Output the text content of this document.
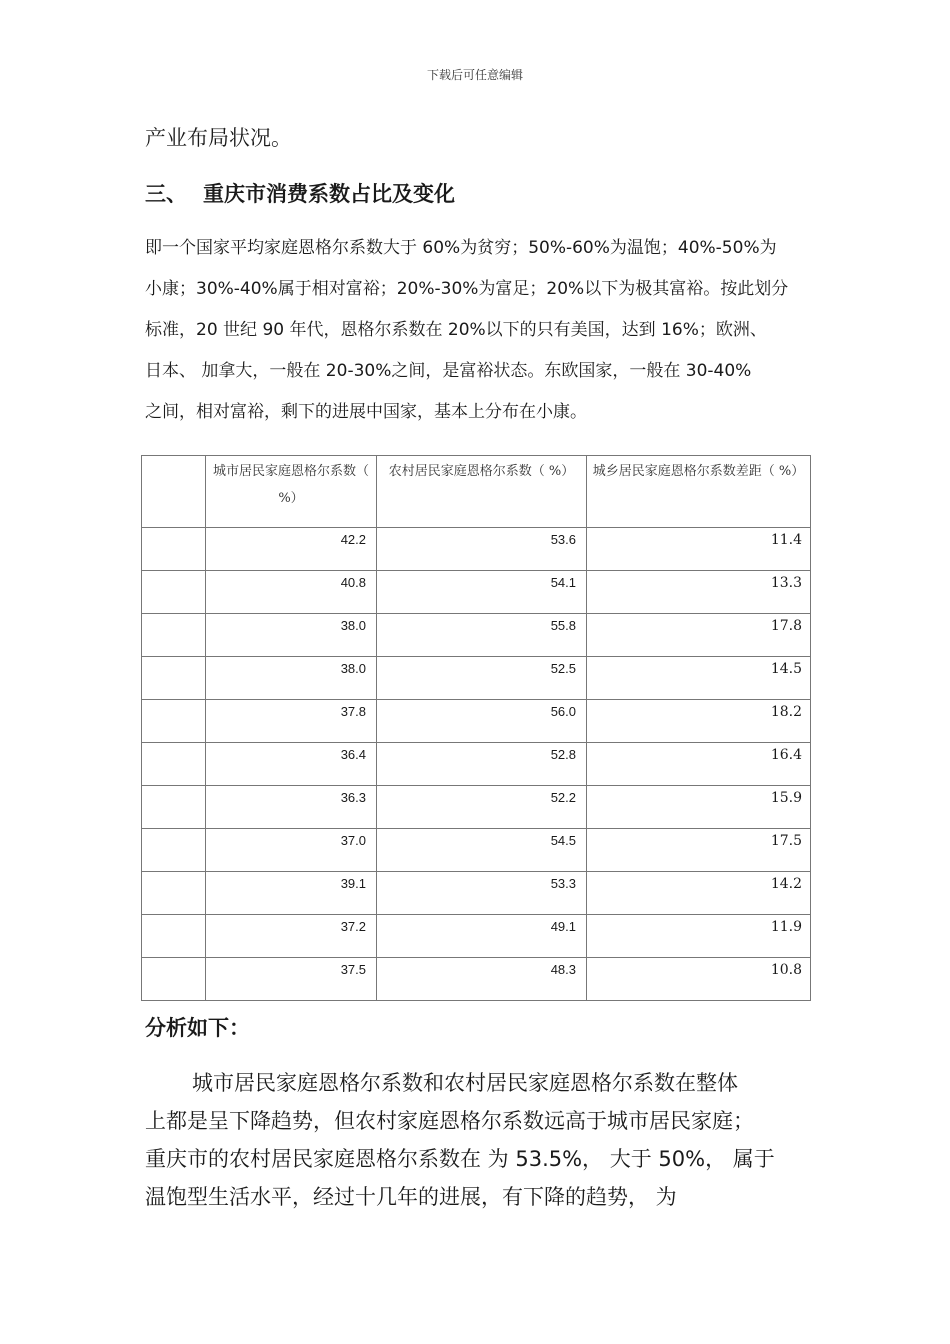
下载后可任意编辑
产业布局状况。
三、 重庆市消费系数占比及变化
即一个国家平均家庭恩格尔系数大于 60%为贫穷；50%-60%为温饱；40%-50%为
小康；30%-40%属于相对富裕；20%-30%为富足；20%以下为极其富裕。按此划分
标准，20 世纪 90 年代，恩格尔系数在 20%以下的只有美国，达到 16%；欧洲、
日本、 加拿大，一般在 20-30%之间，是富裕状态。东欧国家，一般在 30-40%
之间，相对富裕，剩下的进展中国家，基本上分布在小康。
	城市居民家庭恩格尔系数（ %）	农村居民家庭恩格尔系数（ %）	城乡居民家庭恩格尔系数差距（ %）
	42.2	53.6	11.4
	40.8	54.1	13.3
	38.0	55.8	17.8
	38.0	52.5	14.5
	37.8	56.0	18.2
	36.4	52.8	16.4
	36.3	52.2	15.9
	37.0	54.5	17.5
	39.1	53.3	14.2
	37.2	49.1	11.9
	37.5	48.3	10.8
分析如下：
城市居民家庭恩格尔系数和农村居民家庭恩格尔系数在整体
上都是呈下降趋势，但农村家庭恩格尔系数远高于城市居民家庭；
重庆市的农村居民家庭恩格尔系数在 为 53.5%， 大于 50%， 属于
温饱型生活水平，经过十几年的进展，有下降的趋势， 为
